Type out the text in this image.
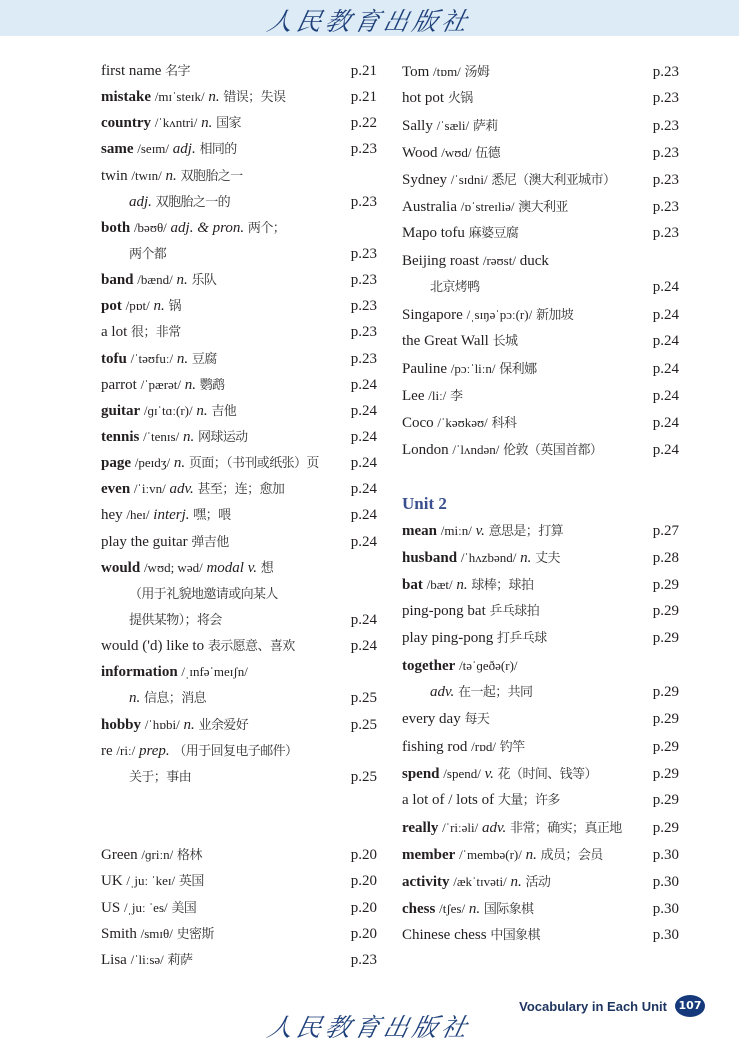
人民教育出版社
first name 名字	p.21
mistake /mɪˈsteɪk/ n. 错误；失误	p.21
country /ˈkʌntri/ n. 国家	p.22
same /seɪm/ adj. 相同的	p.23
twin /twɪn/ n. 双胞胎之一
adj. 双胞胎之一的	p.23
both /bəʊθ/ adj. & pron. 两个；
两个都	p.23
band /bænd/ n. 乐队	p.23
pot /pɒt/ n. 锅	p.23
a lot 很；非常	p.23
tofu /ˈtəʊfuː/ n. 豆腐	p.23
parrot /ˈpærət/ n. 鹦鹉	p.24
guitar /ɡɪˈtɑː(r)/ n. 吉他	p.24
tennis /ˈtenɪs/ n. 网球运动	p.24
page /peɪdʒ/ n. 页面；（书刊或纸张）页 p.24
even /ˈiːvn/ adv. 甚至；连；愈加	p.24
hey /heɪ/ interj. 嘿；喂	p.24
play the guitar 弹吉他	p.24
would /wʊd; wəd/ modal v. 想
（用于礼貌地邀请或向某人
提供某物）；将会	p.24
would ('d) like to 表示愿意、喜欢	p.24
information /ˌɪnfəˈmeɪʃn/
n. 信息；消息	p.25
hobby /ˈhɒbi/ n. 业余爱好	p.25
re /riː/ prep. （用于回复电子邮件）
关于；事由	p.25
Green /ɡriːn/ 格林	p.20
UK /ˌjuː ˈkeɪ/ 英国	p.20
US /ˌjuː ˈes/ 美国	p.20
Smith /smɪθ/ 史密斯	p.20
Lisa /ˈliːsə/ 莉萨	p.23
Tom /tɒm/ 汤姆	p.23
hot pot 火锅	p.23
Sally /ˈsæli/ 萨莉	p.23
Wood /wʊd/ 伍德	p.23
Sydney /ˈsɪdni/ 悉尼（澳大利亚城市） p.23
Australia /ɒˈstreɪliə/ 澳大利亚	p.23
Mapo tofu 麻婆豆腐	p.23
Beijing roast /rəʊst/ duck
北京烤鸭	p.24
Singapore /ˌsɪŋəˈpɔː(r)/ 新加坡	p.24
the Great Wall 长城	p.24
Pauline /pɔːˈliːn/ 保利娜	p.24
Lee /liː/ 李	p.24
Coco /ˈkəʊkəʊ/ 科科	p.24
London /ˈlʌndən/ 伦敦（英国首都）	p.24
Unit 2
mean /miːn/ v. 意思是；打算	p.27
husband /ˈhʌzbənd/ n. 丈夫	p.28
bat /bæt/ n. 球棒；球拍	p.29
ping-pong bat 乒乓球拍	p.29
play ping-pong 打乒乓球	p.29
together /təˈɡeðə(r)/
adv. 在一起；共同	p.29
every day 每天	p.29
fishing rod /rɒd/ 钓竿	p.29
spend /spend/ v. 花（时间、钱等）	p.29
a lot of / lots of 大量；许多	p.29
really /ˈriːəli/ adv. 非常；确实；真正地 p.29
member /ˈmembə(r)/ n. 成员；会员	p.30
activity /ækˈtɪvəti/ n. 活动	p.30
chess /tʃes/ n. 国际象棋	p.30
Chinese chess 中国象棋	p.30
Vocabulary in Each Unit	107
人民教育出版社
